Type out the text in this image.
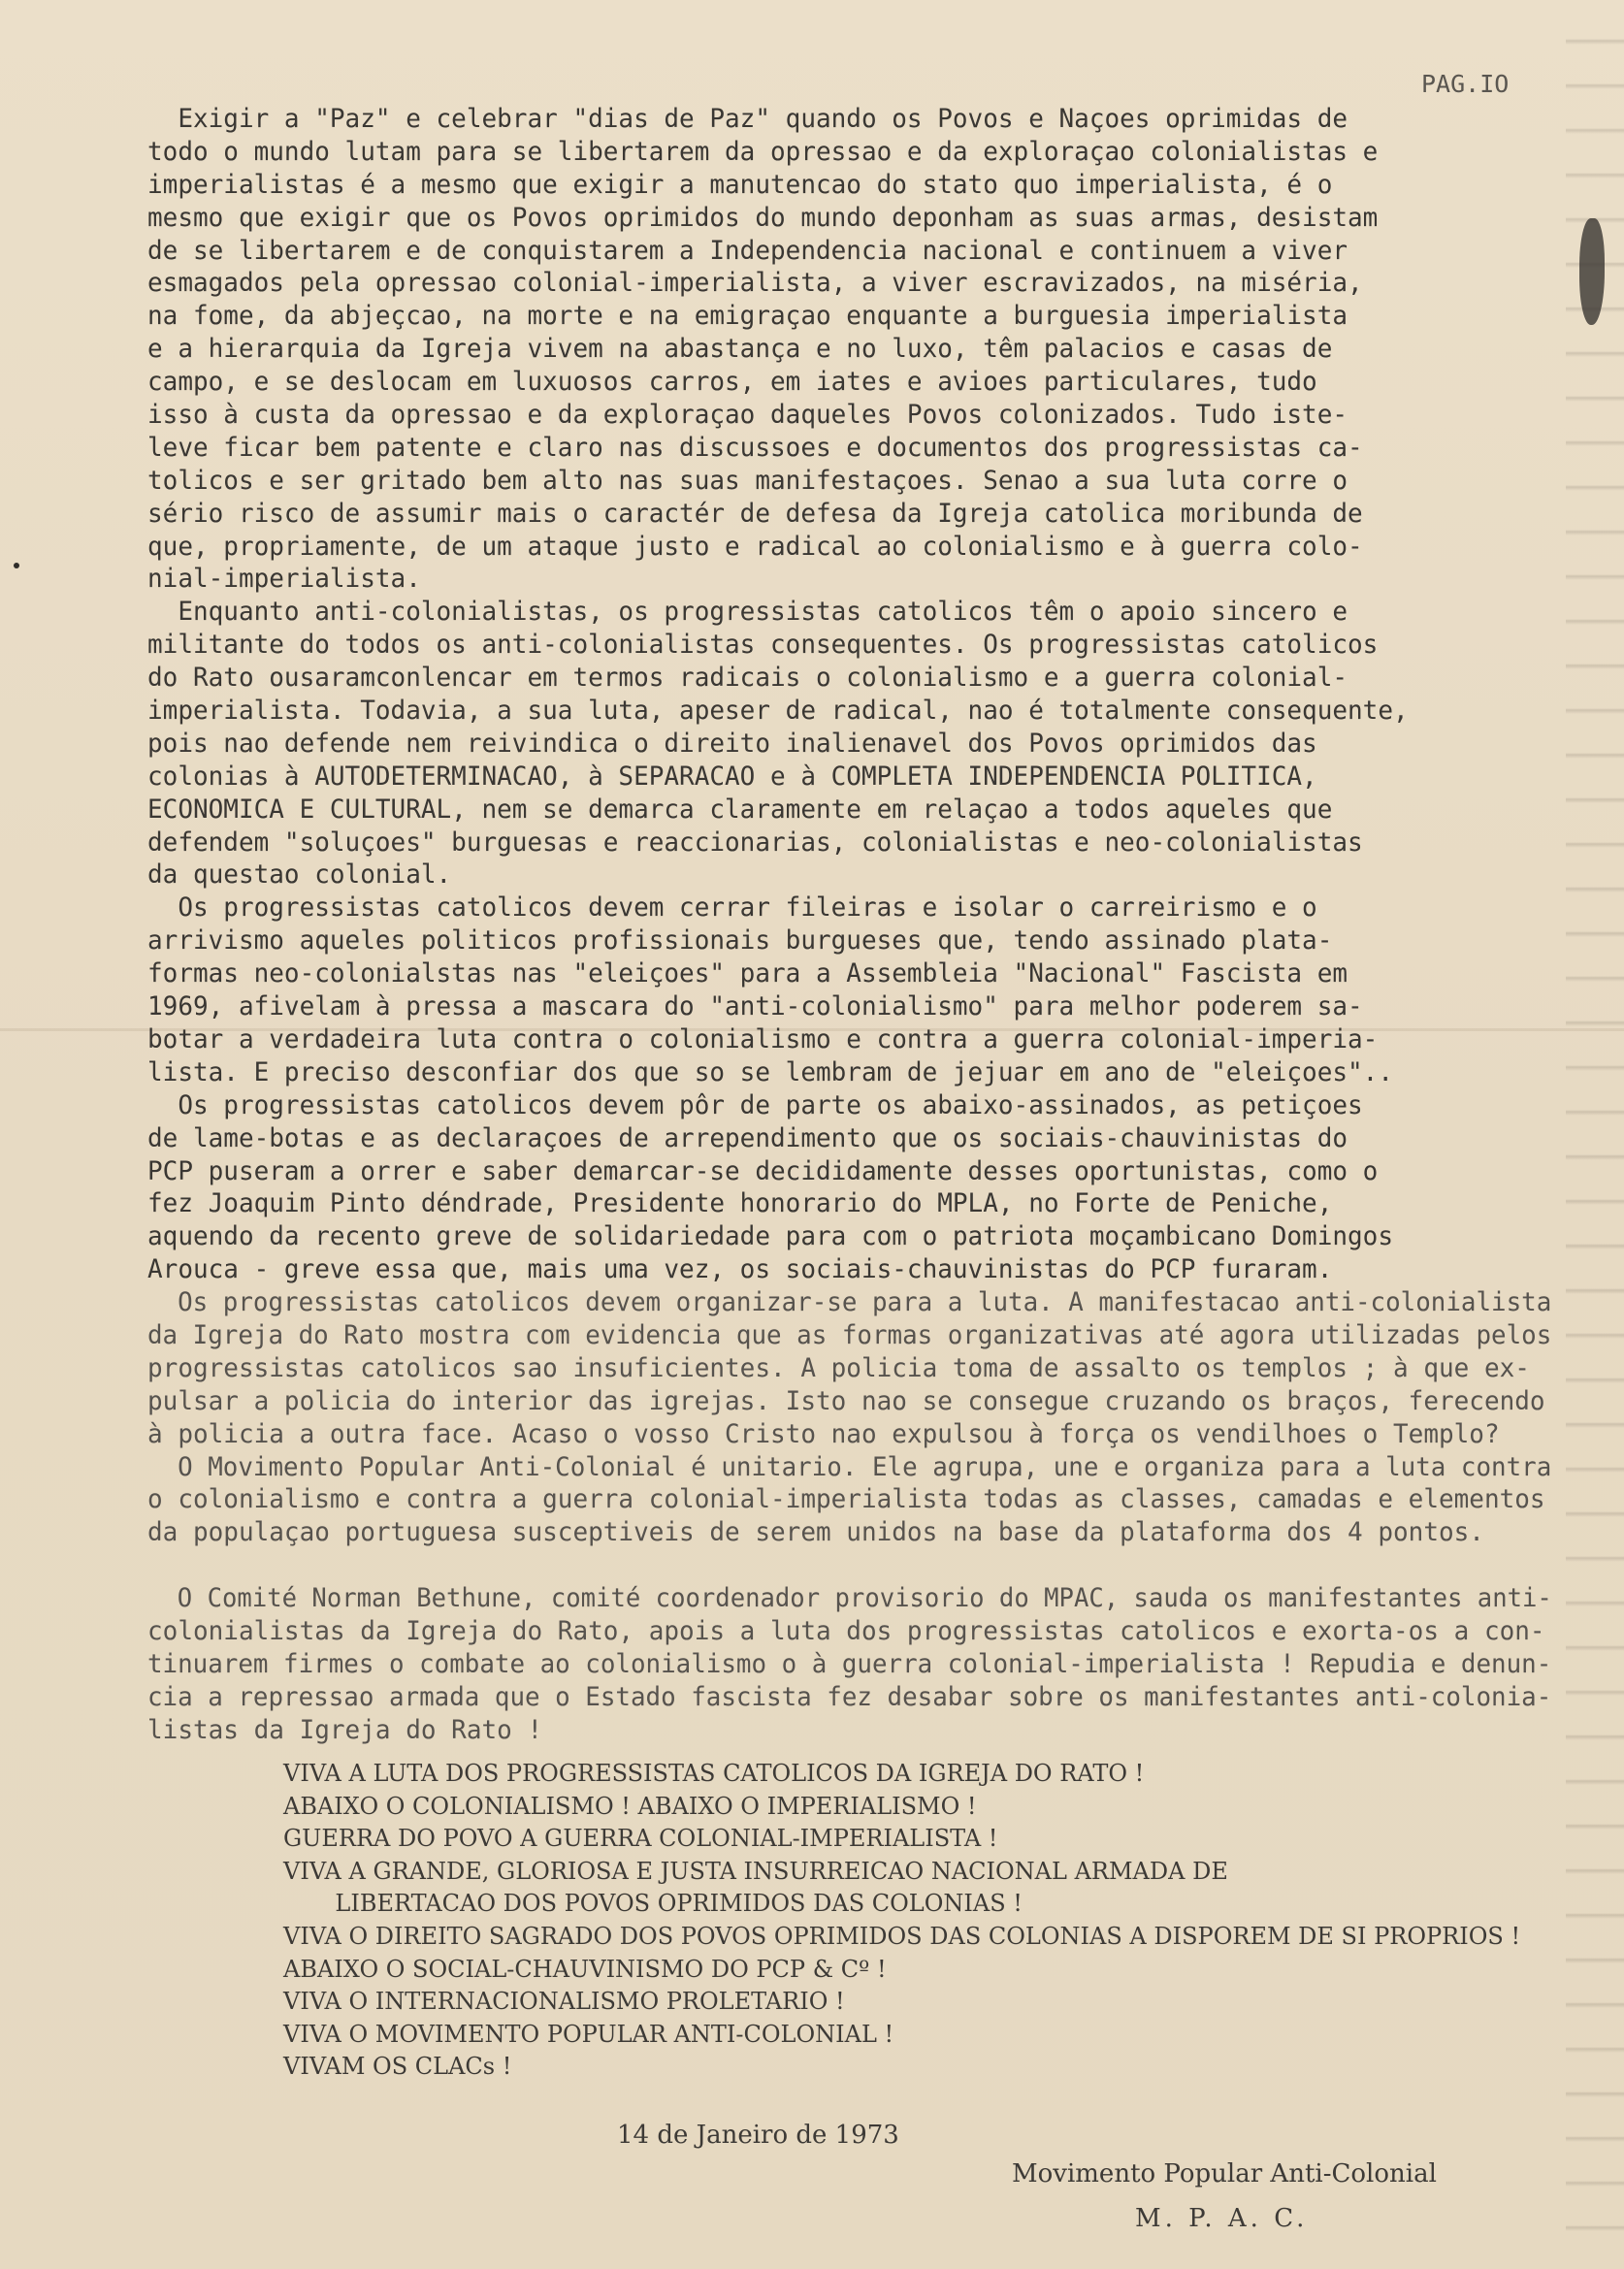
PAG.IO
Exigir a "Paz" e celebrar "dias de Paz" quando os Povos e Naçoes oprimidas de
todo o mundo lutam para se libertarem da opressao e da exploraçao colonialistas e
imperialistas é a mesmo que exigir a manutencao do stato quo imperialista, é o
mesmo que exigir que os Povos oprimidos do mundo deponham as suas armas, desistam
de se libertarem e de conquistarem a Independencia nacional e continuem a viver
esmagados pela opressao colonial-imperialista, a viver escravizados, na miséria,
na fome, da abjeçcao, na morte e na emigraçao enquante a burguesia imperialista
e a hierarquia da Igreja vivem na abastança e no luxo, têm palacios e casas de
campo, e se deslocam em luxuosos carros, em iates e avioes particulares, tudo
isso à custa da opressao e da exploraçao daqueles Povos colonizados. Tudo iste-
leve ficar bem patente e claro nas discussoes e documentos dos progressistas ca-
tolicos e ser gritado bem alto nas suas manifestaçoes. Senao a sua luta corre o
sério risco de assumir mais o caractér de defesa da Igreja catolica moribunda de
que, propriamente, de um ataque justo e radical ao colonialismo e à guerra colo-
nial-imperialista.
Enquanto anti-colonialistas, os progressistas catolicos têm o apoio sincero e
militante do todos os anti-colonialistas consequentes. Os progressistas catolicos
do Rato ousaramconlencar em termos radicais o colonialismo e a guerra colonial-
imperialista. Todavia, a sua luta, apeser de radical, nao é totalmente consequente,
pois nao defende nem reivindica o direito inalienavel dos Povos oprimidos das
colonias à AUTODETERMINACAO, à SEPARACAO e à COMPLETA INDEPENDENCIA POLITICA,
ECONOMICA E CULTURAL, nem se demarca claramente em relaçao a todos aqueles que
defendem "soluçoes" burguesas e reaccionarias, colonialistas e neo-colonialistas
da questao colonial.
Os progressistas catolicos devem cerrar fileiras e isolar o carreirismo e o
arrivismo aqueles politicos profissionais burgueses que, tendo assinado plata-
formas neo-colonialstas nas "eleiçoes" para a Assembleia "Nacional" Fascista em
1969, afivelam à pressa a mascara do "anti-colonialismo" para melhor poderem sa-
botar a verdadeira luta contra o colonialismo e contra a guerra colonial-imperia-
lista. E preciso desconfiar dos que so se lembram de jejuar em ano de "eleiçoes"..
Os progressistas catolicos devem pôr de parte os abaixo-assinados, as petiçoes
de lame-botas e as declaraçoes de arrependimento que os sociais-chauvinistas do
PCP puseram a orrer e saber demarcar-se decididamente desses oportunistas, como o
fez Joaquim Pinto déndrade, Presidente honorario do MPLA, no Forte de Peniche,
aquendo da recento greve de solidariedade para com o patriota moçambicano Domingos
Arouca - greve essa que, mais uma vez, os sociais-chauvinistas do PCP furaram.
Os progressistas catolicos devem organizar-se para a luta. A manifestacao anti-colonialista
da Igreja do Rato mostra com evidencia que as formas organizativas até agora utilizadas pelos
progressistas catolicos sao insuficientes. A policia toma de assalto os templos ; à que ex-
pulsar a policia do interior das igrejas. Isto nao se consegue cruzando os braços, ferecendo
à policia a outra face. Acaso o vosso Cristo nao expulsou à força os vendilhoes o Templo?
O Movimento Popular Anti-Colonial é unitario. Ele agrupa, une e organiza para a luta contra
o colonialismo e contra a guerra colonial-imperialista todas as classes, camadas e elementos
da populaçao portuguesa susceptiveis de serem unidos na base da plataforma dos 4 pontos.
O Comité Norman Bethune, comité coordenador provisorio do MPAC, sauda os manifestantes anti-
colonialistas da Igreja do Rato, apois a luta dos progressistas catolicos e exorta-os a con-
tinuarem firmes o combate ao colonialismo o à guerra colonial-imperialista ! Repudia e denun-
cia a repressao armada que o Estado fascista fez desabar sobre os manifestantes anti-colonia-
listas da Igreja do Rato !
VIVA A LUTA DOS PROGRESSISTAS CATOLICOS DA IGREJA DO RATO !
ABAIXO O COLONIALISMO ! ABAIXO O IMPERIALISMO !
GUERRA DO POVO A GUERRA COLONIAL-IMPERIALISTA !
VIVA A GRANDE, GLORIOSA E JUSTA INSURREICAO NACIONAL ARMADA DE
LIBERTACAO DOS POVOS OPRIMIDOS DAS COLONIAS !
VIVA O DIREITO SAGRADO DOS POVOS OPRIMIDOS DAS COLONIAS A DISPOREM DE SI PROPRIOS !
ABAIXO O SOCIAL-CHAUVINISMO DO PCP & Cº !
VIVA O INTERNACIONALISMO PROLETARIO !
VIVA O MOVIMENTO POPULAR ANTI-COLONIAL !
VIVAM OS CLACs !
14 de Janeiro de 1973
Movimento Popular Anti-Colonial
M. P. A. C.
